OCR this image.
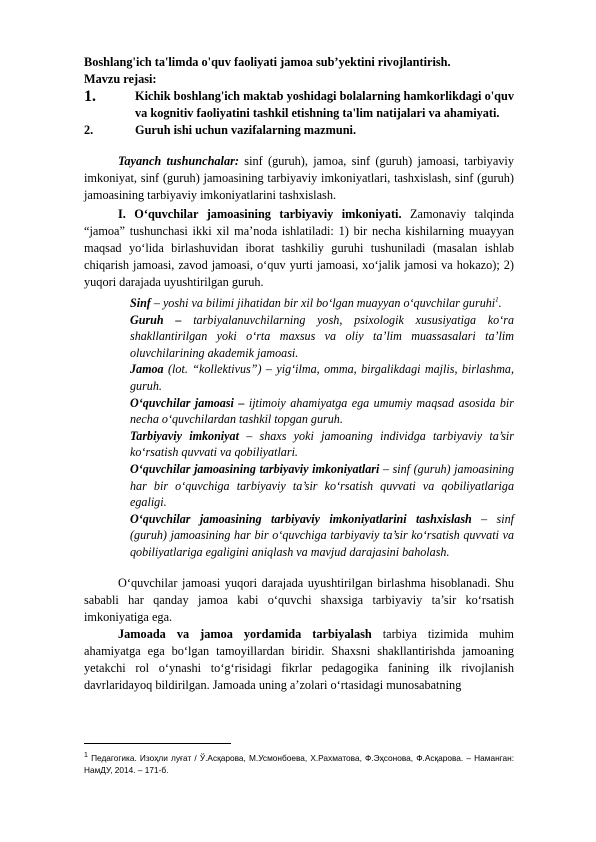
Boshlang'ich ta'limda o'quv faoliyati jamoa sub’yektini rivojlantirish.

Mavzu rejasi:

1.	Kichik boshlang'ich maktab yoshidagi bolalarning hamkorlikdagi o'quv va kognitiv faoliyatini tashkil etishning ta'lim natijalari va ahamiyati.
2.	Guruh ishi uchun vazifalarning mazmuni.

Tayanch tushunchalar: sinf (guruh), jamoa, sinf (guruh) jamoasi, tarbiyaviy imkoniyat, sinf (guruh) jamoasining tarbiyaviy imkoniyatlari, tashxislash, sinf (guruh) jamoasining tarbiyaviy imkoniyatlarini tashxislash.

I. O‘quvchilar jamoasining tarbiyaviy imkoniyati. Zamonaviy talqinda “jamoa” tushunchasi ikki xil ma’noda ishlatiladi: 1) bir necha kishilarning muayyan maqsad yo‘lida birlashuvidan iborat tashkiliy guruhi tushuniladi (masalan ishlab chiqarish jamoasi, zavod jamoasi, o‘quv yurti jamoasi, xo‘jalik jamosi va hokazo); 2) yuqori darajada uyushtirilgan guruh.

Sinf – yoshi va bilimi jihatidan bir xil bo‘lgan muayyan o‘quvchilar guruhi$^1$.

Guruh – tarbiyalanuvchilarning yosh, psixologik xususiyatiga ko‘ra shakllantirilgan yoki o‘rta maxsus va oliy ta’lim muassasalari ta’lim oluvchilarining akademik jamoasi.

Jamoa (lot. “kollektivus”) – yig‘ilma, omma, birgalikdagi majlis, birlashma, guruh.

O‘quvchilar jamoasi – ijtimoiy ahamiyatga ega umumiy maqsad asosida bir necha o‘quvchilardan tashkil topgan guruh.

Tarbiyaviy imkoniyat – shaxs yoki jamoaning individga tarbiyaviy ta’sir ko‘rsatish quvvati va qobiliyatlari.

O‘quvchilar jamoasining tarbiyaviy imkoniyatlari – sinf (guruh) jamoasining har bir o‘quvchiga tarbiyaviy ta’sir ko‘rsatish quvvati va qobiliyatlariga egaligi.

O‘quvchilar jamoasining tarbiyaviy imkoniyatlarini tashxislash – sinf (guruh) jamoasining har bir o‘quvchiga tarbiyaviy ta’sir ko‘rsatish quvvati va qobiliyatlariga egaligini aniqlash va mavjud darajasini baholash.

O‘quvchilar jamoasi yuqori darajada uyushtirilgan birlashma hisoblanadi. Shu sababli har qanday jamoa kabi o‘quvchi shaxsiga tarbiyaviy ta’sir ko‘rsatish imkoniyatiga ega.

Jamoada va jamoa yordamida tarbiyalash tarbiya tizimida muhim ahamiyatga ega bo‘lgan tamoyillardan biridir. Shaxsni shakllantirishda jamoaning yetakchi rol o‘ynashi to‘g‘risidagi fikrlar pedagogika fanining ilk rivojlanish davrlaridayoq bildirilgan. Jamoada uning a’zolari o‘rtasidagi munosabatning

$^1$ Педагогика. Изоҳли луғат / Ў.Асқарова, М.Усмонбоева, Х.Рахматова, Ф.Эҳсонова, Ф.Асқарова. – Наманган: НамДУ, 2014. – 171-б.
